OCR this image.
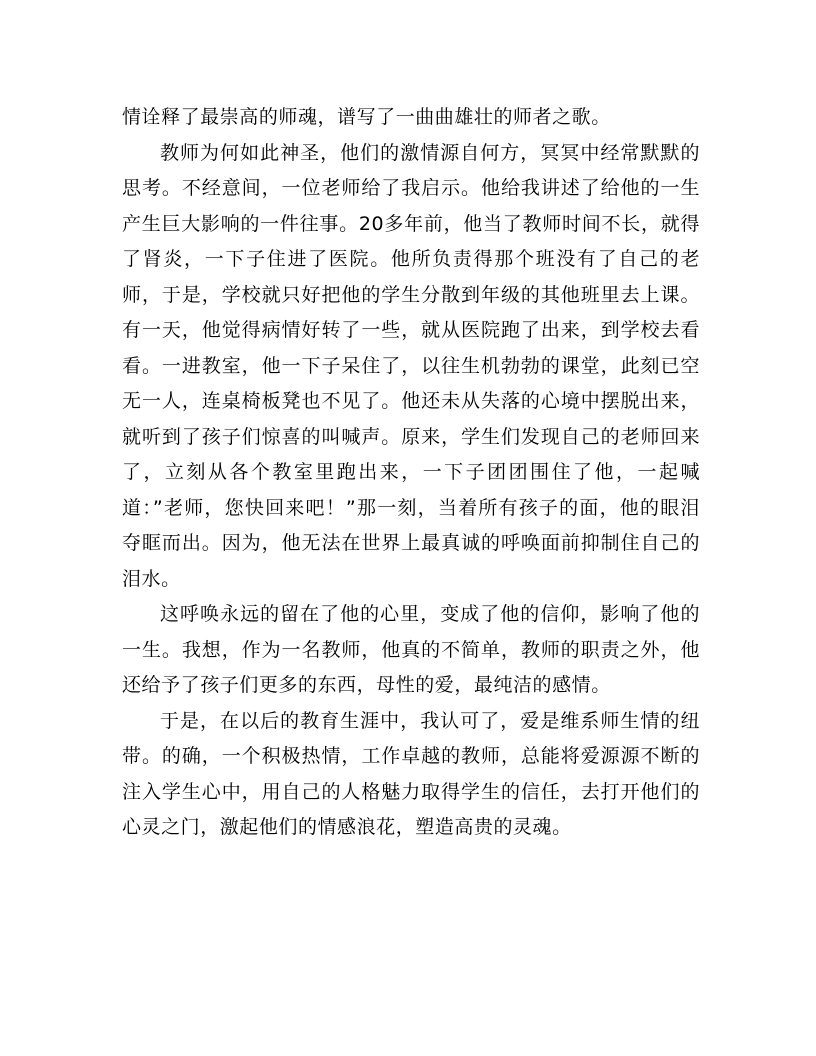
情诠释了最崇高的师魂，谱写了一曲曲雄壮的师者之歌。

教师为何如此神圣，他们的激情源自何方，冥冥中经常默默的思考。不经意间，一位老师给了我启示。他给我讲述了给他的一生产生巨大影响的一件往事。20多年前，他当了教师时间不长，就得了肾炎，一下子住进了医院。他所负责得那个班没有了自己的老师，于是，学校就只好把他的学生分散到年级的其他班里去上课。有一天，他觉得病情好转了一些，就从医院跑了出来，到学校去看看。一进教室，他一下子呆住了，以往生机勃勃的课堂，此刻已空无一人，连桌椅板凳也不见了。他还未从失落的心境中摆脱出来，就听到了孩子们惊喜的叫喊声。原来，学生们发现自己的老师回来了，立刻从各个教室里跑出来，一下子团团围住了他，一起喊道：”老师，您快回来吧！”那一刻，当着所有孩子的面，他的眼泪夺眶而出。因为，他无法在世界上最真诚的呼唤面前抑制住自己的泪水。

这呼唤永远的留在了他的心里，变成了他的信仰，影响了他的一生。我想，作为一名教师，他真的不简单，教师的职责之外，他还给予了孩子们更多的东西，母性的爱，最纯洁的感情。

于是，在以后的教育生涯中，我认可了，爱是维系师生情的纽带。的确，一个积极热情，工作卓越的教师，总能将爱源源不断的注入学生心中，用自己的人格魅力取得学生的信任，去打开他们的心灵之门，激起他们的情感浪花，塑造高贵的灵魂。
